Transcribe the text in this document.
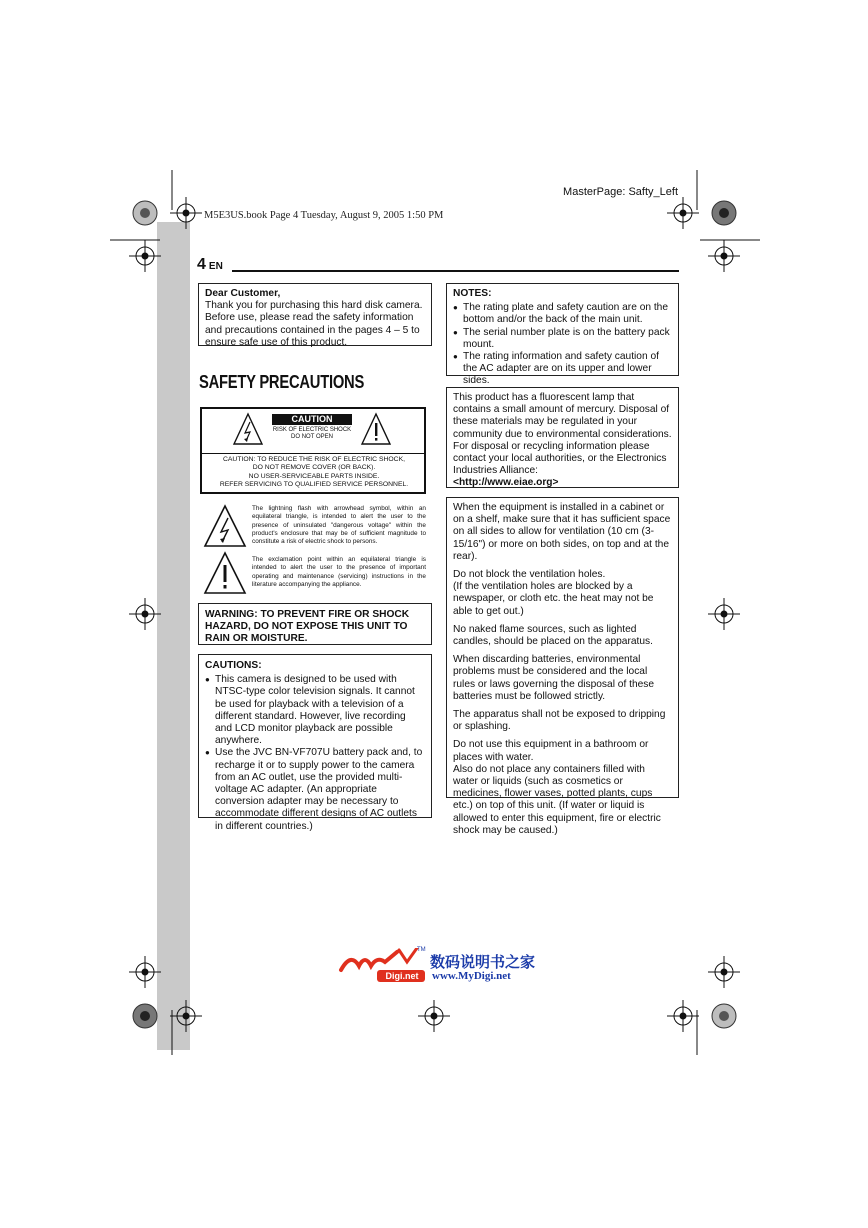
MasterPage: Safty_Left
M5E3US.book Page 4 Tuesday, August 9, 2005 1:50 PM
4 EN
Dear Customer,
Thank you for purchasing this hard disk camera. Before use, please read the safety information and precautions contained in the pages 4 – 5 to ensure safe use of this product.
SAFETY PRECAUTIONS
CAUTION
RISK OF ELECTRIC SHOCK
DO NOT OPEN
CAUTION: TO REDUCE THE RISK OF ELECTRIC SHOCK,
DO NOT REMOVE COVER (OR BACK).
NO USER-SERVICEABLE PARTS INSIDE.
REFER SERVICING TO QUALIFIED SERVICE PERSONNEL.
The lightning flash with arrowhead symbol, within an equilateral triangle, is intended to alert the user to the presence of uninsulated "dangerous voltage" within the product's enclosure that may be of sufficient magnitude to constitute a risk of electric shock to persons.
The exclamation point within an equilateral triangle is intended to alert the user to the presence of important operating and maintenance (servicing) instructions in the literature accompanying the appliance.
WARNING: TO PREVENT FIRE OR SHOCK HAZARD, DO NOT EXPOSE THIS UNIT TO RAIN OR MOISTURE.
CAUTIONS:
● This camera is designed to be used with NTSC-type color television signals. It cannot be used for playback with a television of a different standard. However, live recording and LCD monitor playback are possible anywhere.
● Use the JVC BN-VF707U battery pack and, to recharge it or to supply power to the camera from an AC outlet, use the provided multi-voltage AC adapter. (An appropriate conversion adapter may be necessary to accommodate different designs of AC outlets in different countries.)
NOTES:
● The rating plate and safety caution are on the bottom and/or the back of the main unit.
● The serial number plate is on the battery pack mount.
● The rating information and safety caution of the AC adapter are on its upper and lower sides.
This product has a fluorescent lamp that contains a small amount of mercury. Disposal of these materials may be regulated in your community due to environmental considerations.
For disposal or recycling information please contact your local authorities, or the Electronics Industries Alliance:
<http://www.eiae.org>

When the equipment is installed in a cabinet or on a shelf, make sure that it has sufficient space on all sides to allow for ventilation (10 cm (3-15/16") or more on both sides, on top and at the rear).

Do not block the ventilation holes.
(If the ventilation holes are blocked by a newspaper, or cloth etc. the heat may not be able to get out.)

No naked flame sources, such as lighted candles, should be placed on the apparatus.

When discarding batteries, environmental problems must be considered and the local rules or laws governing the disposal of these batteries must be followed strictly.

The apparatus shall not be exposed to dripping or splashing.

Do not use this equipment in a bathroom or places with water.
Also do not place any containers filled with water or liquids (such as cosmetics or medicines, flower vases, potted plants, cups etc.) on top of this unit. (If water or liquid is allowed to enter this equipment, fire or electric shock may be caused.)

Digi.net
TM
数码说明书之家
www.MyDigi.net
